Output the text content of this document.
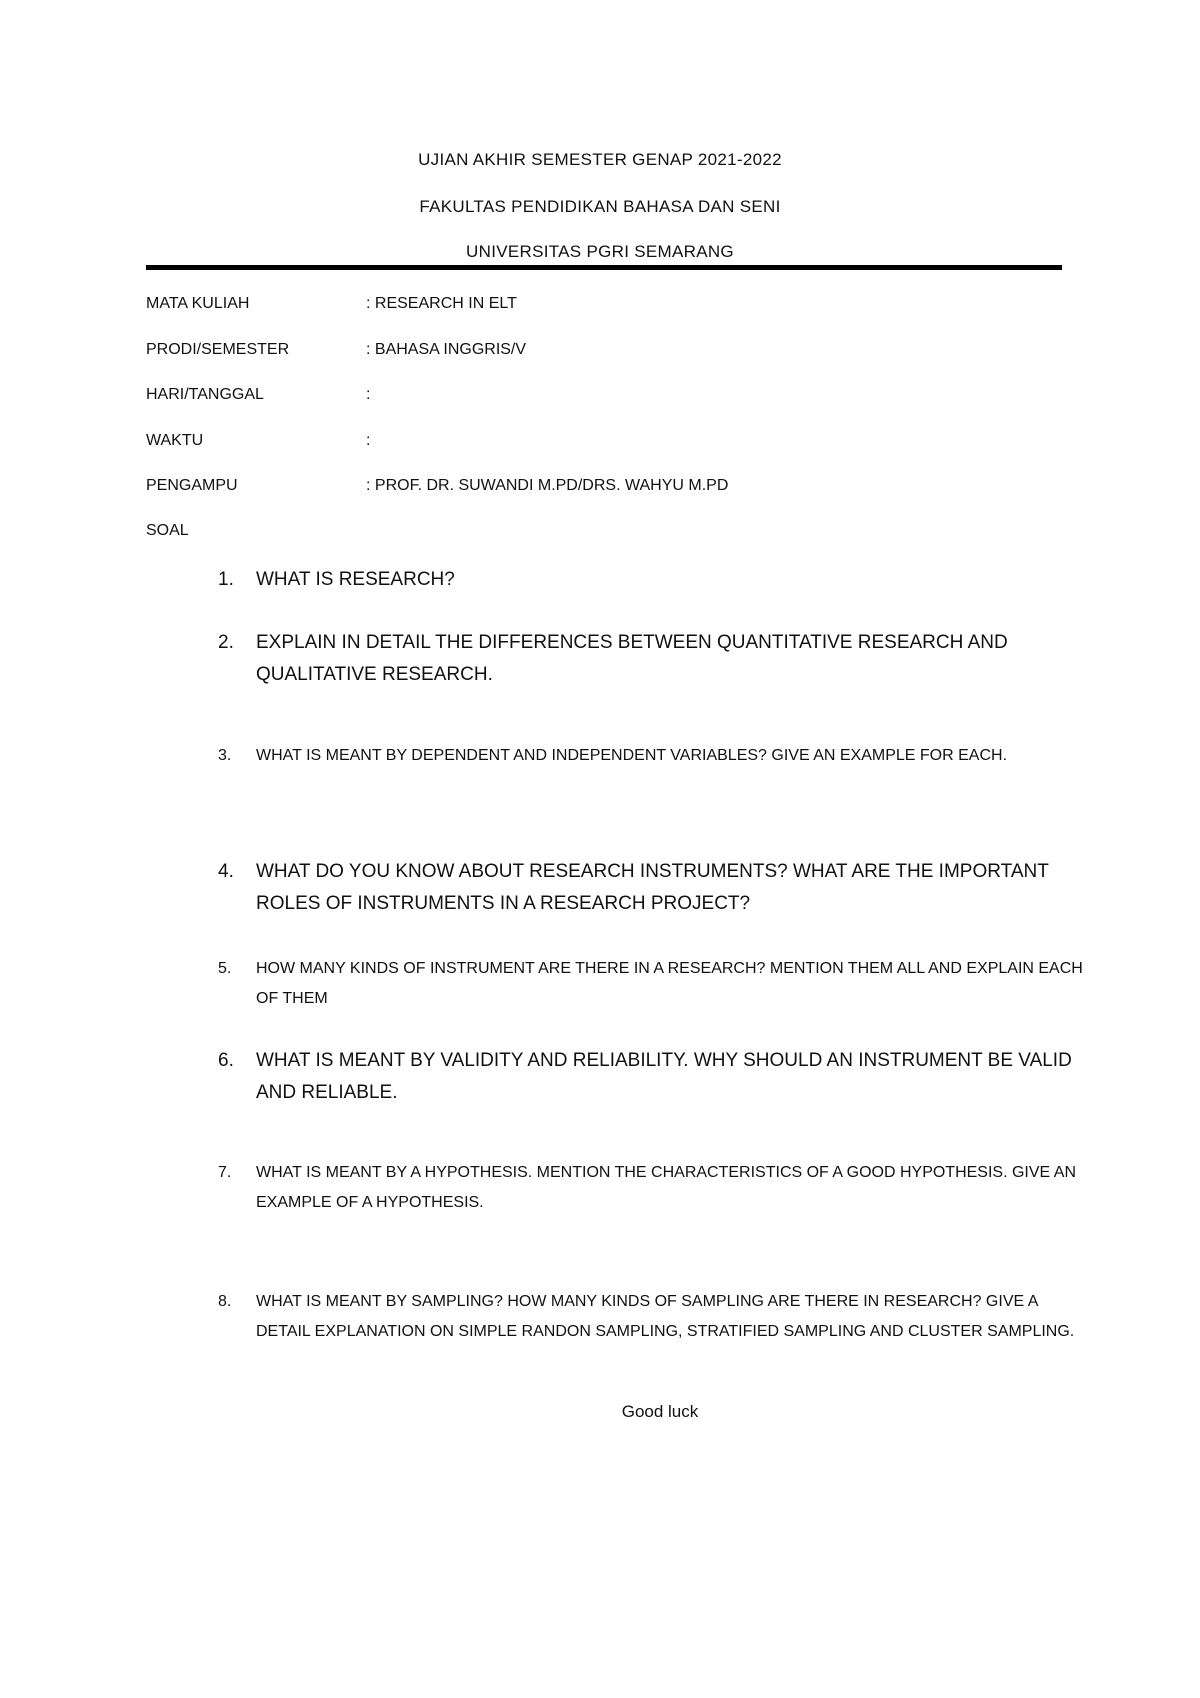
UJIAN AKHIR SEMESTER GENAP 2021-2022
FAKULTAS PENDIDIKAN BAHASA DAN SENI
UNIVERSITAS PGRI SEMARANG
MATA KULIAH	: RESEARCH IN ELT
PRODI/SEMESTER	: BAHASA INGGRIS/V
HARI/TANGGAL	:
WAKTU	:
PENGAMPU	: PROF. DR. SUWANDI M.PD/DRS. WAHYU M.PD
SOAL
1.	WHAT IS RESEARCH?
2.	EXPLAIN IN DETAIL THE DIFFERENCES BETWEEN QUANTITATIVE RESEARCH AND QUALITATIVE RESEARCH.
3.	WHAT IS MEANT BY DEPENDENT AND INDEPENDENT VARIABLES? GIVE AN EXAMPLE FOR EACH.
4.	WHAT DO YOU KNOW ABOUT RESEARCH INSTRUMENTS? WHAT ARE THE IMPORTANT ROLES OF INSTRUMENTS IN A RESEARCH PROJECT?
5.	HOW MANY KINDS OF INSTRUMENT ARE THERE IN A RESEARCH? MENTION THEM ALL AND EXPLAIN EACH OF THEM
6.	WHAT IS MEANT BY VALIDITY AND RELIABILITY. WHY SHOULD AN INSTRUMENT BE VALID AND RELIABLE.
7.	WHAT IS MEANT BY A HYPOTHESIS. MENTION THE CHARACTERISTICS OF A GOOD HYPOTHESIS. GIVE AN EXAMPLE OF A HYPOTHESIS.
8.	WHAT IS MEANT BY SAMPLING? HOW MANY KINDS OF SAMPLING ARE THERE IN RESEARCH? GIVE A DETAIL EXPLANATION ON SIMPLE RANDON SAMPLING, STRATIFIED SAMPLING AND CLUSTER SAMPLING.
Good luck
